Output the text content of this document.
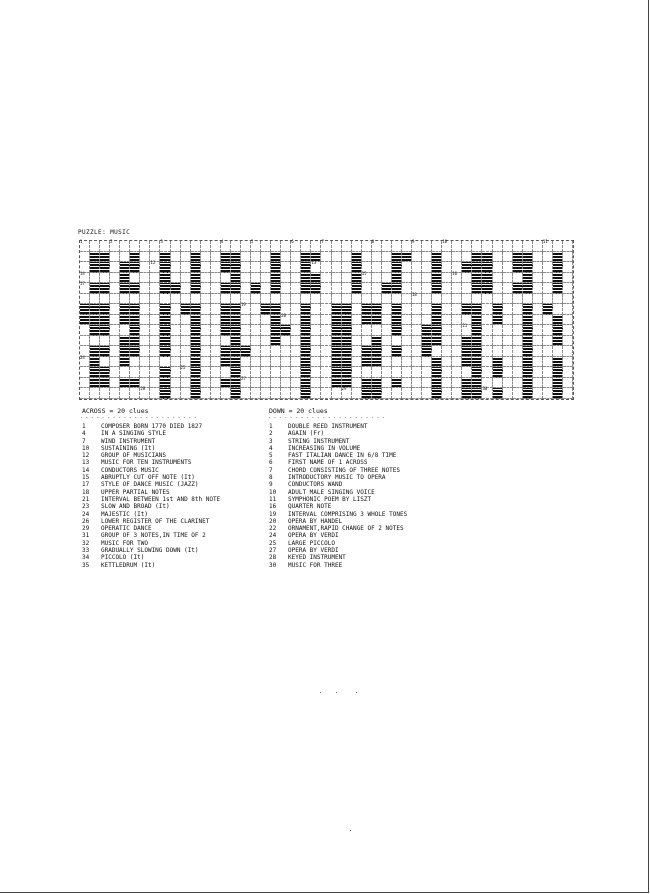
PUZZLE: MUSIC
1	2	3	4	5	6	7	8	9	10	11
12	13
14	15	16
17
18
19
20
21
24
25
27
28	29	30
ACROSS = 20 clues
- - - - - - - - - - - - - - - - - - - - - -
1	COMPOSER BORN 1770 DIED 1827
4	IN A SINGING STYLE
7	WIND INSTRUMENT
10	SUSTAINING (It)
12	GROUP OF MUSICIANS
13	MUSIC FOR TEN INSTRUMENTS
14	CONDUCTORS MUSIC
15	ABRUPTLY CUT OFF NOTE (It)
17	STYLE OF DANCE MUSIC (JAZZ)
18	UPPER PARTIAL NOTES
21	INTERVAL BETWEEN 1st AND 8th NOTE
23	SLOW AND BROAD (It)
24	MAJESTIC (It)
26	LOWER REGISTER OF THE CLARINET
29	OPERATIC DANCE
31	GROUP OF 3 NOTES,IN TIME OF 2
32	MUSIC FOR TWO
33	GRADUALLY SLOWING DOWN (It)
34	PICCOLO (It)
35	KETTLEDRUM (It)
DOWN = 20 clues
- - - - - - - - - - - - - - - - - - - - - -
1	DOUBLE REED INSTRUMENT
2	AGAIN (Fr)
3	STRING INSTRUMENT
4	INCREASING IN VOLUME
5	FAST ITALIAN DANCE IN 6/8 TIME
6	FIRST NAME OF 1 ACROSS
7	CHORD CONSISTING OF THREE NOTES
8	INTRODUCTORY MUSIC TO OPERA
9	CONDUCTORS WAND
10	ADULT MALE SINGING VOICE
11	SYMPHONIC POEM BY LISZT
16	QUARTER NOTE
19	INTERVAL COMPRISING 3 WHOLE TONES
20	OPERA BY HANDEL
22	ORNAMENT,RAPID CHANGE OF 2 NOTES
24	OPERA BY VERDI
25	LARGE PICCOLO
27	OPERA BY VERDI
28	KEYED INSTRUMENT
30	MUSIC FOR THREE
